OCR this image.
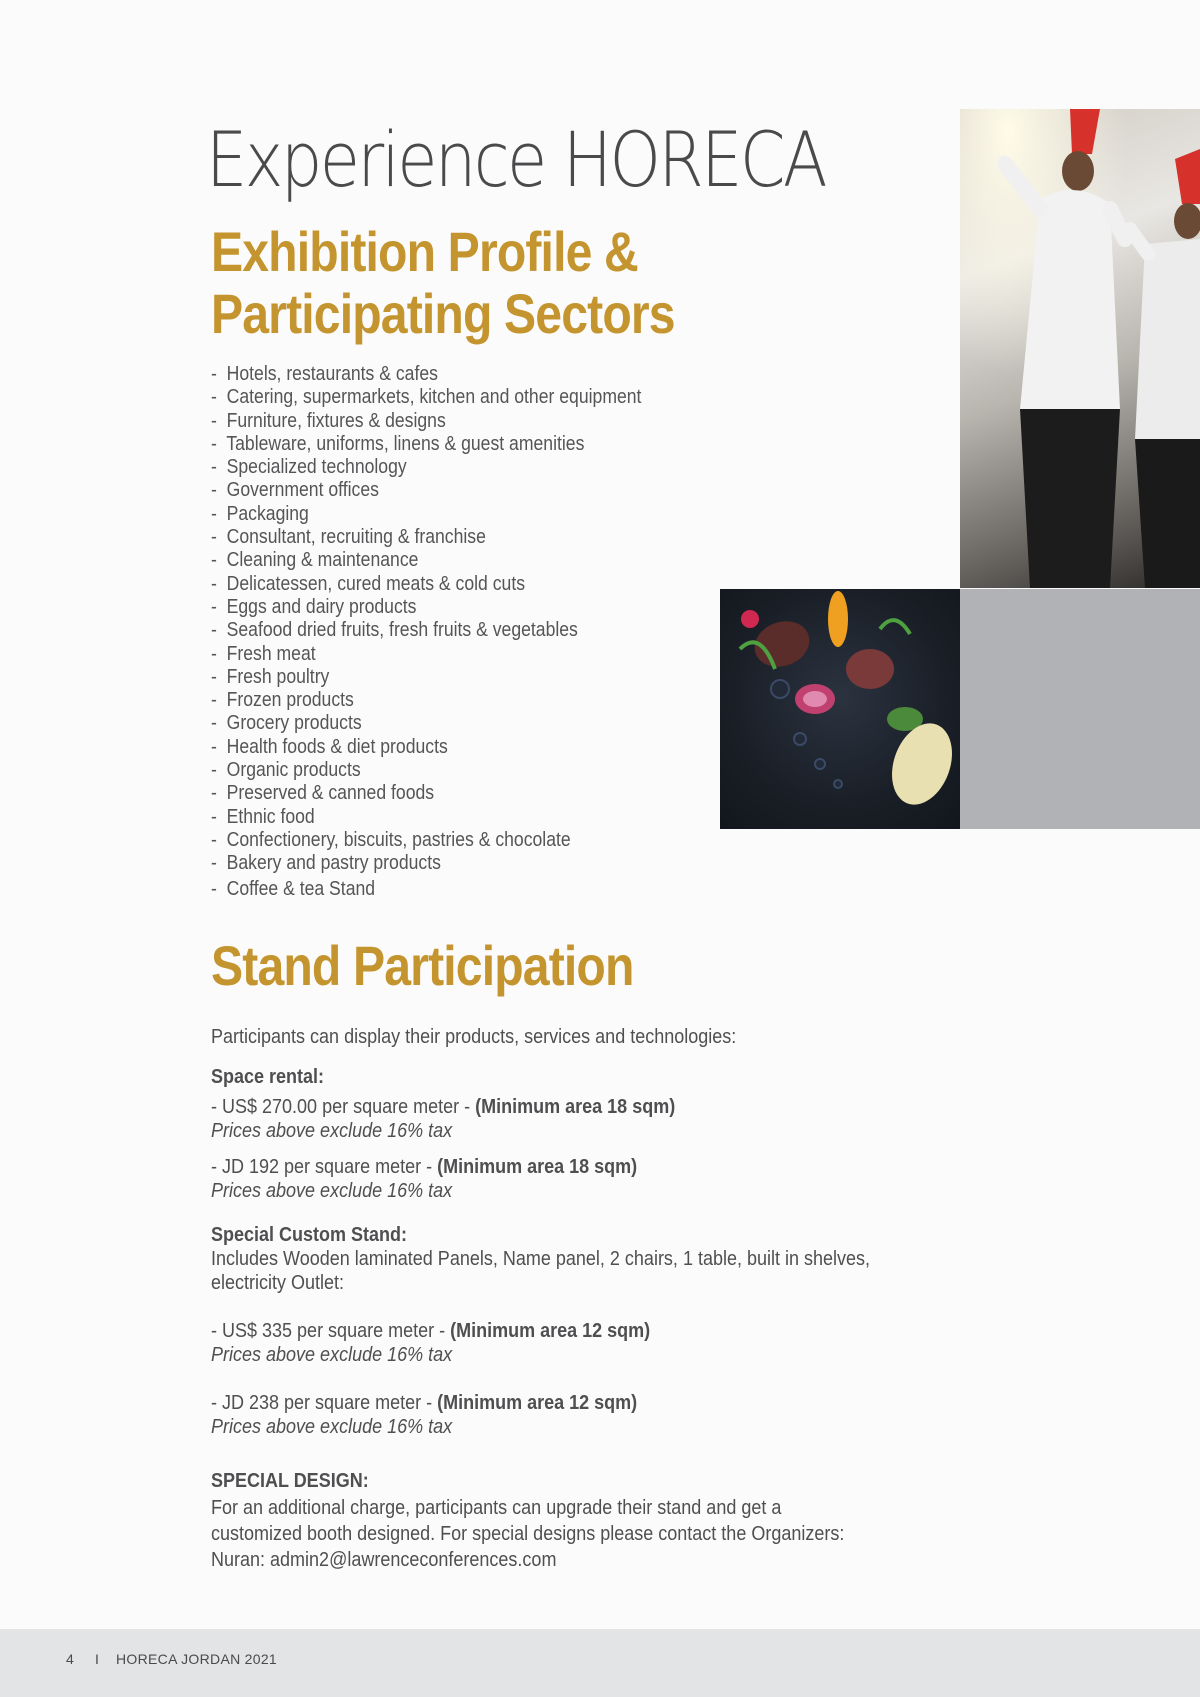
Experience HORECA
Exhibition Profile &
Participating Sectors
- Hotels, restaurants & cafes
- Catering, supermarkets, kitchen and other equipment
- Furniture, fixtures & designs
- Tableware, uniforms, linens & guest amenities
- Specialized technology
- Government offices
- Packaging
- Consultant, recruiting & franchise
- Cleaning & maintenance
- Delicatessen, cured meats & cold cuts
- Eggs and dairy products
- Seafood dried fruits, fresh fruits & vegetables
- Fresh meat
- Fresh poultry
- Frozen products
- Grocery products
- Health foods & diet products
- Organic products
- Preserved & canned foods
- Ethnic food
- Confectionery, biscuits, pastries & chocolate
- Bakery and pastry products
- Coffee & tea Stand
Stand Participation

Participants can display their products, services and technologies:

Space rental:

- US$ 270.00 per square meter - (Minimum area 18 sqm)

Prices above exclude 16% tax

- JD 192 per square meter - (Minimum area 18 sqm)

Prices above exclude 16% tax

Special Custom Stand:

Includes Wooden laminated Panels, Name panel, 2 chairs, 1 table, built in shelves, electricity Outlet:

- US$ 335 per square meter - (Minimum area 12 sqm)

Prices above exclude 16% tax

- JD 238 per square meter - (Minimum area 12 sqm)

Prices above exclude 16% tax

SPECIAL DESIGN:

For an additional charge, participants can upgrade their stand and get a customized booth designed. For special designs please contact the Organizers:

Nuran: admin2@lawrenceconferences.com

4 I HORECA JORDAN 2021
